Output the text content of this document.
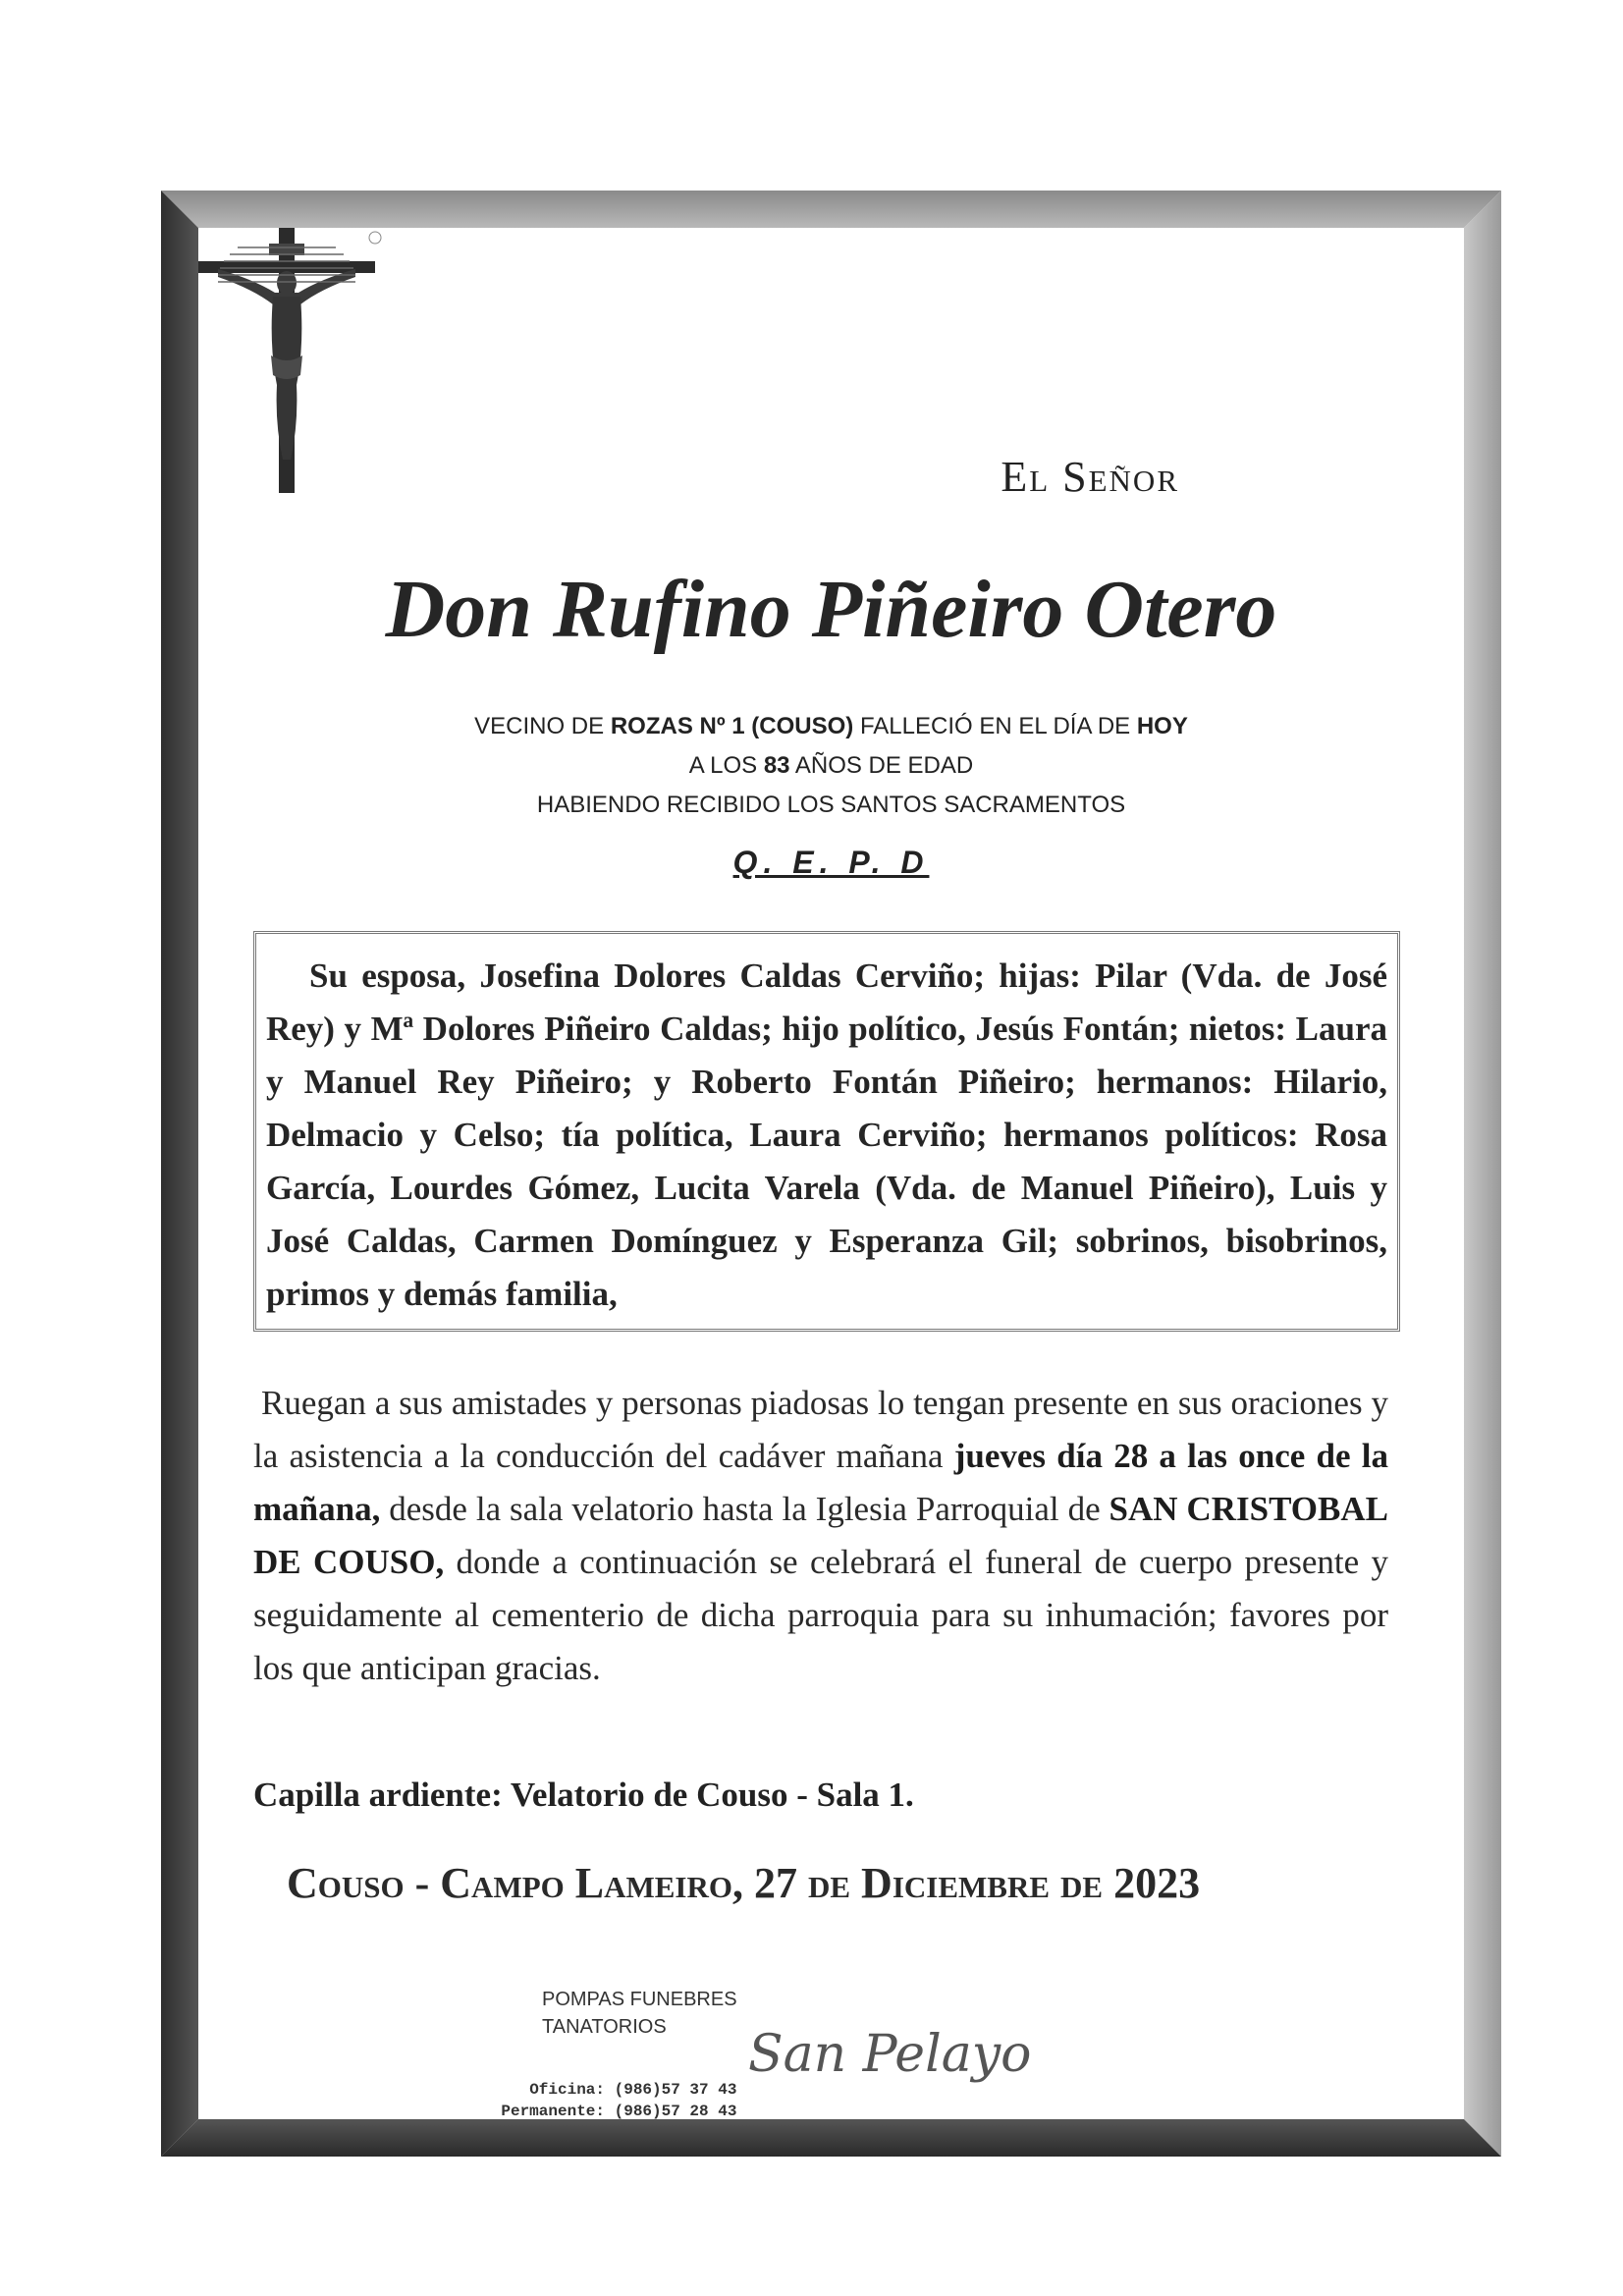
El Señor
Don Rufino Piñeiro Otero
VECINO DE ROZAS Nº 1 (COUSO) FALLECIÓ EN EL DÍA DE HOY
A LOS 83 AÑOS DE EDAD
HABIENDO RECIBIDO LOS SANTOS SACRAMENTOS
Q. E. P. D

Su esposa, Josefina Dolores Caldas Cerviño; hijas: Pilar (Vda. de José Rey) y Mª Dolores Piñeiro Caldas; hijo político, Jesús Fontán; nietos: Laura y Manuel Rey Piñeiro; y Roberto Fontán Piñeiro; hermanos: Hilario, Delmacio y Celso; tía política, Laura Cerviño; hermanos políticos: Rosa García, Lourdes Gómez, Lucita Varela (Vda. de Manuel Piñeiro), Luis y José Caldas, Carmen Domínguez y Esperanza Gil; sobrinos, bisobrinos, primos y demás familia,

Ruegan a sus amistades y personas piadosas lo tengan presente en sus oraciones y la asistencia a la conducción del cadáver mañana jueves día 28 a las once de la mañana, desde la sala velatorio hasta la Iglesia Parroquial de SAN CRISTOBAL DE COUSO, donde a continuación se celebrará el funeral de cuerpo presente y seguidamente al cementerio de dicha parroquia para su inhumación; favores por los que anticipan gracias.
Capilla ardiente: Velatorio de Couso - Sala 1.
Couso - Campo Lameiro, 27 de Diciembre de 2023
POMPAS FUNEBRES
TANATORIOS	San Pelayo
Oficina: (986)57 37 43
Permanente: (986)57 28 43
